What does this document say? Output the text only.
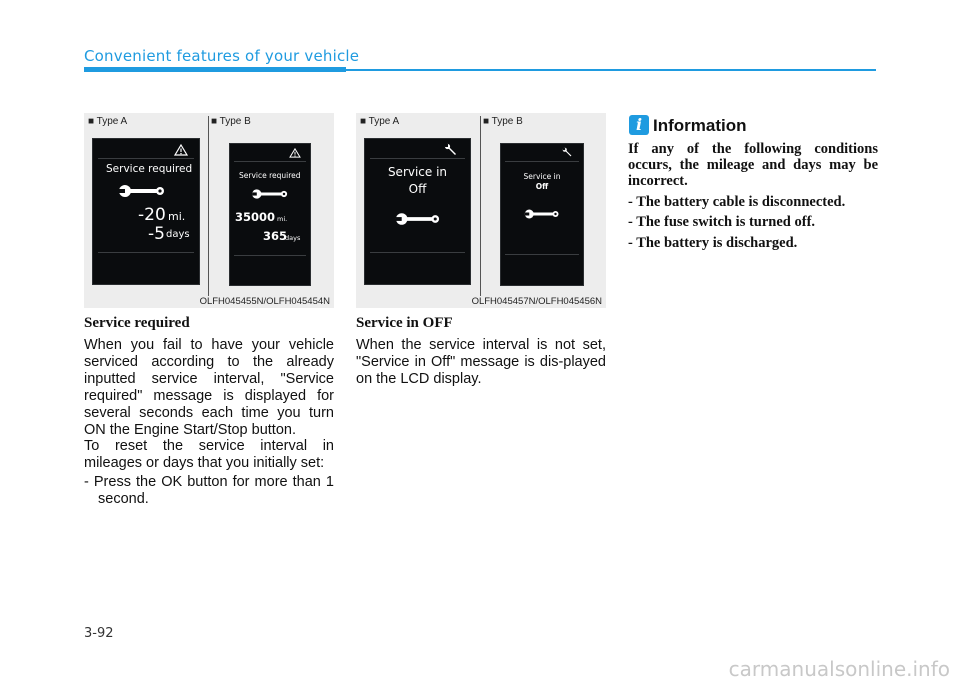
Convenient features of your vehicle
■ Type A	■ Type B
Service required
-20 mi.
-5 days
Service required
35000 mi.
365
days
OLFH045455N/OLFH045454N
■ Type A	■ Type B
Service in
Off
Service in
Off
OLFH045457N/OLFH045456N
Service required

When you fail to have your vehicle serviced according to the already inputted service interval, "Service required" message is displayed for several seconds each time you turn ON the Engine Start/Stop button.

To reset the service interval in mileages or days that you initially set:

- Press the OK button for more than 1 second.

Service in OFF

When the service interval is not set, "Service in Off" message is dis-played on the LCD display.

i Information

If any of the following conditions occurs, the mileage and days may be incorrect.

- The battery cable is disconnected.

- The fuse switch is turned off.

- The battery is discharged.

3-92
carmanualsonline.info
